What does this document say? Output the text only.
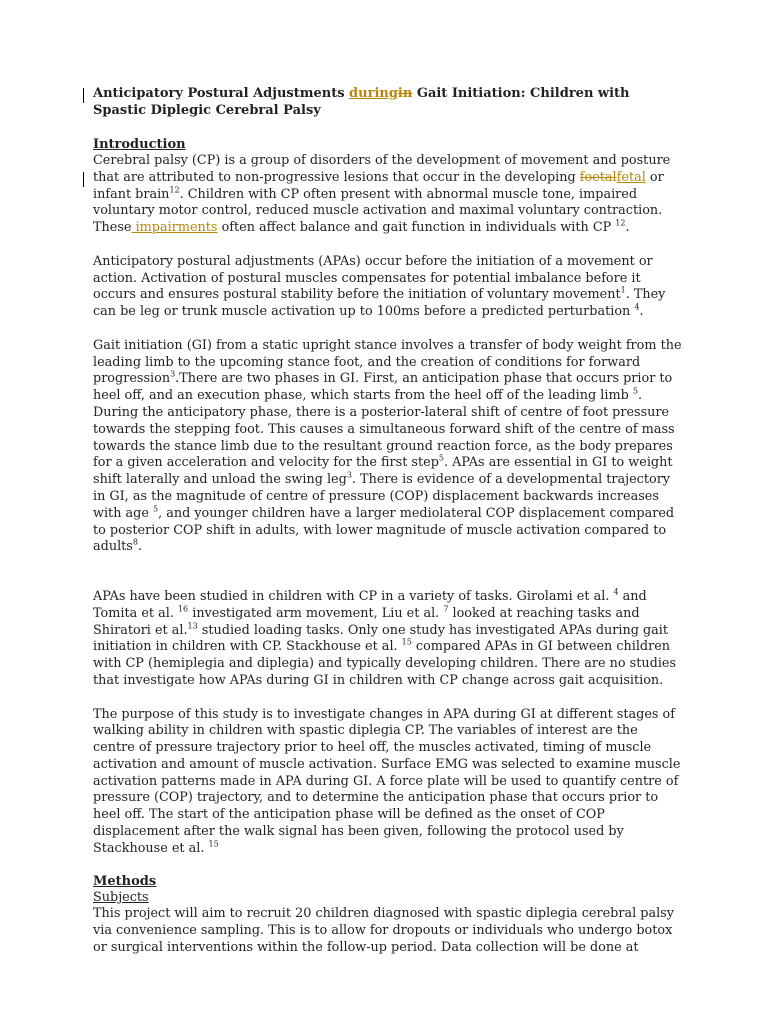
Anticipatory Postural Adjustments duringin Gait Initiation: Children with Spastic Diplegic Cerebral Palsy

Introduction

Cerebral palsy (CP) is a group of disorders of the development of movement and posture that are attributed to non-progressive lesions that occur in the developing foetalfetal or infant brain$^{12}$. Children with CP often present with abnormal muscle tone, impaired voluntary motor control, reduced muscle activation and maximal voluntary contraction. These impairments often affect balance and gait function in individuals with CP $^{12}$.

Anticipatory postural adjustments (APAs) occur before the initiation of a movement or action. Activation of postural muscles compensates for potential imbalance before it occurs and ensures postural stability before the initiation of voluntary movement$^1$. They can be leg or trunk muscle activation up to 100ms before a predicted perturbation $^4$.

Gait initiation (GI) from a static upright stance involves a transfer of body weight from the leading limb to the upcoming stance foot, and the creation of conditions for forward progression$^3$.There are two phases in GI. First, an anticipation phase that occurs prior to heel off, and an execution phase, which starts from the heel off of the leading limb $^5$. During the anticipatory phase, there is a posterior-lateral shift of centre of foot pressure towards the stepping foot. This causes a simultaneous forward shift of the centre of mass towards the stance limb due to the resultant ground reaction force, as the body prepares for a given acceleration and velocity for the first step$^5$. APAs are essential in GI to weight shift laterally and unload the swing leg$^3$. There is evidence of a developmental trajectory in GI, as the magnitude of centre of pressure (COP) displacement backwards increases with age $^5$, and younger children have a larger mediolateral COP displacement compared to posterior COP shift in adults, with lower magnitude of muscle activation compared to adults$^8$.

APAs have been studied in children with CP in a variety of tasks. Girolami et al. $^4$ and Tomita et al. $^{16}$ investigated arm movement, Liu et al. $^7$ looked at reaching tasks and Shiratori et al.$^{13}$ studied loading tasks. Only one study has investigated APAs during gait initiation in children with CP. Stackhouse et al. $^{15}$ compared APAs in GI between children with CP (hemiplegia and diplegia) and typically developing children. There are no studies that investigate how APAs during GI in children with CP change across gait acquisition.

The purpose of this study is to investigate changes in APA during GI at different stages of walking ability in children with spastic diplegia CP. The variables of interest are the centre of pressure trajectory prior to heel off, the muscles activated, timing of muscle activation and amount of muscle activation. Surface EMG was selected to examine muscle activation patterns made in APA during GI. A force plate will be used to quantify centre of pressure (COP) trajectory, and to determine the anticipation phase that occurs prior to heel off. The start of the anticipation phase will be defined as the onset of COP displacement after the walk signal has been given, following the protocol used by Stackhouse et al. $^{15}$

Methods
Subjects

This project will aim to recruit 20 children diagnosed with spastic diplegia cerebral palsy via convenience sampling. This is to allow for dropouts or individuals who undergo botox or surgical interventions within the follow-up period. Data collection will be done at
